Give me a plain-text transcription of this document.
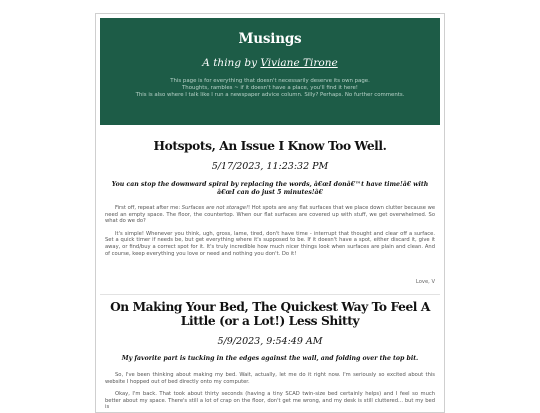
Musings
A thing by Viviane Tirone
This page is for everything that doesn't necessarily deserve its own page.
Thoughts, rambles ~ if it doesn't have a place, you'll find it here!
This is also where I talk like I run a newspaper advice column. Silly? Perhaps. No further comments.
Hotspots, An Issue I Know Too Well.
5/17/2023, 11:23:32 PM
You can stop the downward spiral by replacing the words, â€œI donâ€™t have time!â€ with â€œI can do just 5 minutes!â€

First off, repeat after me: Surfaces are not storage!! Hot spots are any flat surfaces that we place down clutter because we need an empty space. The floor, the countertop. When our flat surfaces are covered up with stuff, we get overwhelmed. So what do we do?

It's simple! Whenever you think, ugh, gross, lame, tired, don't have time - interrupt that thought and clear off a surface. Set a quick timer if needs be, but get everything where it's supposed to be. If it doesn't have a spot, either discard it, give it away, or find/buy a correct spot for it. It's truly incredible how much nicer things look when surfaces are plain and clean. And of course, keep everything you love or need and nothing you don't. Do it!

Love, V
On Making Your Bed, The Quickest Way To Feel A Little (or a Lot!) Less Shitty
5/9/2023, 9:54:49 AM
My favorite part is tucking in the edges against the wall, and folding over the top bit.

So, I've been thinking about making my bed. Wait, actually, let me do it right now. I'm seriously so excited about this website I hopped out of bed directly onto my computer.

Okay, I'm back. That took about thirty seconds (having a tiny SCAD twin-size bed certainly helps) and I feel so much better about my space. There's still a lot of crap on the floor, don't get me wrong, and my desk is still cluttered... but my bed is
